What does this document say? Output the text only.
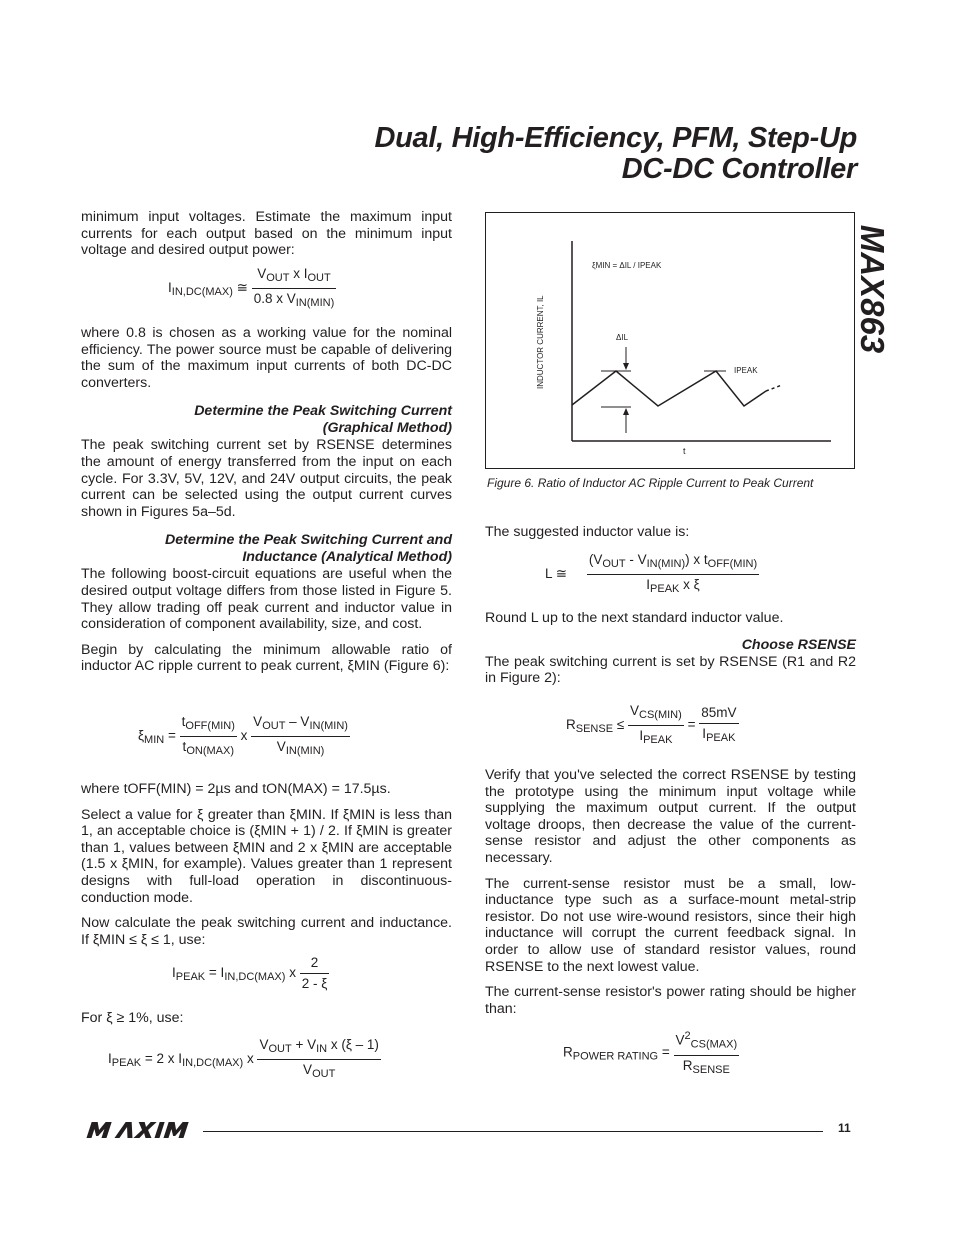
Dual, High-Efficiency, PFM, Step-Up
DC-DC Controller
MAX863

minimum input voltages. Estimate the maximum input currents for each output based on the minimum input voltage and desired output power:

$I_{IN,DC(MAX)}$ ≅ $\frac{V_{OUT} x I_{OUT}}{0.8 x V_{IN(MIN)}}$

where 0.8 is chosen as a working value for the nominal efficiency. The power source must be capable of delivering the sum of the maximum input currents of both DC-DC converters.

Determine the Peak Switching Current
(Graphical Method)

The peak switching current set by RSENSE determines the amount of energy transferred from the input on each cycle. For 3.3V, 5V, 12V, and 24V output circuits, the peak current can be selected using the output current curves shown in Figures 5a–5d.

Determine the Peak Switching Current and
Inductance (Analytical Method)

The following boost-circuit equations are useful when the desired output voltage differs from those listed in Figure 5. They allow trading off peak current and inductor value in consideration of component availability, size, and cost.

Begin by calculating the minimum allowable ratio of inductor AC ripple current to peak current, ξMIN (Figure 6):

$\xi_{MIN} = \frac{t_{OFF(MIN)}}{t_{ON(MAX)}}$ x $\frac{V_{OUT} - V_{IN(MIN)}}{V_{IN(MIN)}}$

where tOFF(MIN) = 2µs and tON(MAX) = 17.5µs.

Select a value for ξ greater than ξMIN. If ξMIN is less than 1, an acceptable choice is (ξMIN + 1) / 2. If ξMIN is greater than 1, values between ξMIN and 2 x ξMIN are acceptable (1.5 x ξMIN, for example). Values greater than 1 represent designs with full-load operation in discontinuous-conduction mode.

Now calculate the peak switching current and inductance. If ξMIN ≤ ξ ≤ 1, use:

$I_{PEAK} = I_{IN,DC(MAX)}$ x $\frac{2}{2 - \xi}$

For ξ ≥ 1%, use:

$I_{PEAK} = 2$ x $I_{IN,DC(MAX)}$ x $\frac{V_{OUT} + V_{IN} x (\xi - 1)}{V_{OUT}}$
INDUCTOR CURRENT, IL
t
ξMIN = ΔIL / IPEAK
ΔIL
IPEAK
Figure 6. Ratio of Inductor AC Ripple Current to Peak Current

The suggested inductor value is:

L ≅ $\frac{(V_{OUT} - V_{IN(MIN)}) x t_{OFF(MIN)}}{I_{PEAK} x \xi}$

Round L up to the next standard inductor value.

Choose RSENSE

The peak switching current is set by RSENSE (R1 and R2 in Figure 2):

$R_{SENSE} \le \frac{V_{CS(MIN)}}{I_{PEAK}} = \frac{85mV}{I_{PEAK}}$

Verify that you've selected the correct RSENSE by testing the prototype using the minimum input voltage while supplying the maximum output current. If the output voltage droops, then decrease the value of the current-sense resistor and adjust the other components as necessary.

The current-sense resistor must be a small, low-inductance type such as a surface-mount metal-strip resistor. Do not use wire-wound resistors, since their high inductance will corrupt the current feedback signal. In order to allow use of standard resistor values, round RSENSE to the next lowest value.

The current-sense resistor's power rating should be higher than:

$R_{POWER RATING} = \frac{V^2_{CS(MAX)}}{R_{SENSE}}$
11
